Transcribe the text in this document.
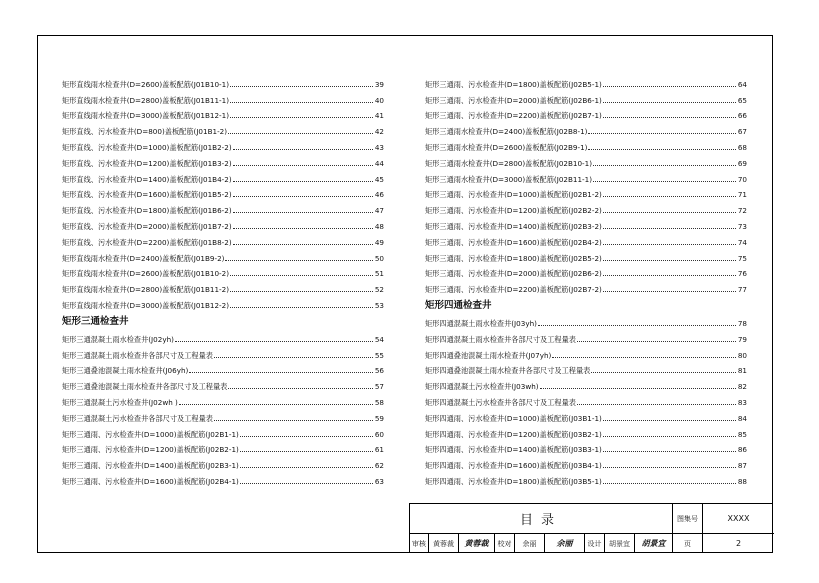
矩形直线雨水检查井(D=2600)盖板配筋(J01B10-1)	39
矩形直线雨水检查井(D=2800)盖板配筋(J01B11-1)	40
矩形直线雨水检查井(D=3000)盖板配筋(J01B12-1)	41
矩形直线、污水检查井(D=800)盖板配筋(J01B1-2)	42
矩形直线、污水检查井(D=1000)盖板配筋(J01B2-2)	43
矩形直线、污水检查井(D=1200)盖板配筋(J01B3-2)	44
矩形直线、污水检查井(D=1400)盖板配筋(J01B4-2)	45
矩形直线、污水检查井(D=1600)盖板配筋(J01B5-2)	46
矩形直线、污水检查井(D=1800)盖板配筋(J01B6-2)	47
矩形直线、污水检查井(D=2000)盖板配筋(J01B7-2)	48
矩形直线、污水检查井(D=2200)盖板配筋(J01B8-2)	49
矩形直线雨水检查井(D=2400)盖板配筋(J01B9-2)	50
矩形直线雨水检查井(D=2600)盖板配筋(J01B10-2)	51
矩形直线雨水检查井(D=2800)盖板配筋(J01B11-2)	52
矩形直线雨水检查井(D=3000)盖板配筋(J01B12-2)	53
矩形三通检查井
矩形三通混凝土雨水检查井(J02yh)	54
矩形三通混凝土雨水检查井各部尺寸及工程量表	55
矩形三通叠池混凝土雨水检查井(J06yh)	56
矩形三通叠池混凝土雨水检查井各部尺寸及工程量表	57
矩形三通混凝土污水检查井(J02wh )	58
矩形三通混凝土污水检查井各部尺寸及工程量表	59
矩形三通雨、污水检查井(D=1000)盖板配筋(J02B1-1)	60
矩形三通雨、污水检查井(D=1200)盖板配筋(J02B2-1)	61
矩形三通雨、污水检查井(D=1400)盖板配筋(J02B3-1)	62
矩形三通雨、污水检查井(D=1600)盖板配筋(J02B4-1)	63
矩形三通雨、污水检查井(D=1800)盖板配筋(J02B5-1)	64
矩形三通雨、污水检查井(D=2000)盖板配筋(J02B6-1)	65
矩形三通雨、污水检查井(D=2200)盖板配筋(J02B7-1)	66
矩形三通雨水检查井(D=2400)盖板配筋(J02B8-1)	67
矩形三通雨水检查井(D=2600)盖板配筋(J02B9-1)	68
矩形三通雨水检查井(D=2800)盖板配筋(J02B10-1)	69
矩形三通雨水检查井(D=3000)盖板配筋(J02B11-1)	70
矩形三通雨、污水检查井(D=1000)盖板配筋(J02B1-2)	71
矩形三通雨、污水检查井(D=1200)盖板配筋(J02B2-2)	72
矩形三通雨、污水检查井(D=1400)盖板配筋(J02B3-2)	73
矩形三通雨、污水检查井(D=1600)盖板配筋(J02B4-2)	74
矩形三通雨、污水检查井(D=1800)盖板配筋(J02B5-2)	75
矩形三通雨、污水检查井(D=2000)盖板配筋(J02B6-2)	76
矩形三通雨、污水检查井(D=2200)盖板配筋(J02B7-2)	77
矩形四通检查井
矩形四通混凝土雨水检查井(J03yh)	78
矩形四通混凝土雨水检查井各部尺寸及工程量表	79
矩形四通叠池混凝土雨水检查井(J07yh)	80
矩形四通叠池混凝土雨水检查井各部尺寸及工程量表	81
矩形四通混凝土污水检查井(J03wh)	82
矩形四通混凝土污水检查井各部尺寸及工程量表	83
矩形四通雨、污水检查井(D=1000)盖板配筋(J03B1-1)	84
矩形四通雨、污水检查井(D=1200)盖板配筋(J03B2-1)	85
矩形四通雨、污水检查井(D=1400)盖板配筋(J03B3-1)	86
矩形四通雨、污水检查井(D=1600)盖板配筋(J03B4-1)	87
矩形四通雨、污水检查井(D=1800)盖板配筋(J03B5-1)	88
目录	图集号	XXXX
审核	黄蓉裁	黄蓉裁	校对	余丽	余丽	设计	胡景宜	胡景宜	页	2
